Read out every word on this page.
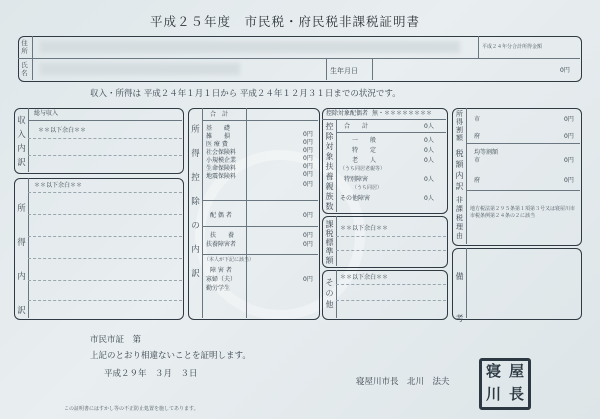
平成２５年度　市民税・府民税非課税証明書
住所
氏名
平成２４年分合計所得金額
生年月日	0円
収入・所得は 平成２４年１月１日から 平成２４年１２月３１日までの状況です。
収
入
内
訳
総与収入
＊＊以下余白＊＊
所
得
内
訳
＊＊以下余白＊＊
所
得
控
除
の
内
訳
合　計
基　　礎
0円
雑　　損
0円
医 療 費
0円
社会保険料
0円
小規模企業
0円
生命保険料
0円
地震保険料
0円
配 偶 者	0円
扶　　養	0円
扶養障害者	0円
（本人が下記に該当）
障 害 者
寡婦（夫）
勤労学生
0円
控除対象配偶者 無・＊＊＊＊＊＊＊＊
控
除
対
象
扶
養
親
族
数
合　　計	0人
一　　般	0人
特　　定	0人
老　　人	0人
（うち同居老親等）
特別障害	0人
（うち同居）
その他障害	0人
課
税
標
準
額
＊＊以下余白＊＊
そ
の
他
＊＊以下余白＊＊
所
得
割
額
税
額
内
訳
市	0円
府	0円
均等割額
市	0円
府	0円
非
課
税
理
由
地方税法第２９５条第１項第３号又は寝屋川市市税条例第２４条の２に該当
備
考
市民市証　第
上記のとおり相違ないことを証明します。
平成２９年　３月　３日
寝屋川市長　北川　法夫
寝 屋
川 長
この証明書にはすかし等の不正防止処置を施してあります。
